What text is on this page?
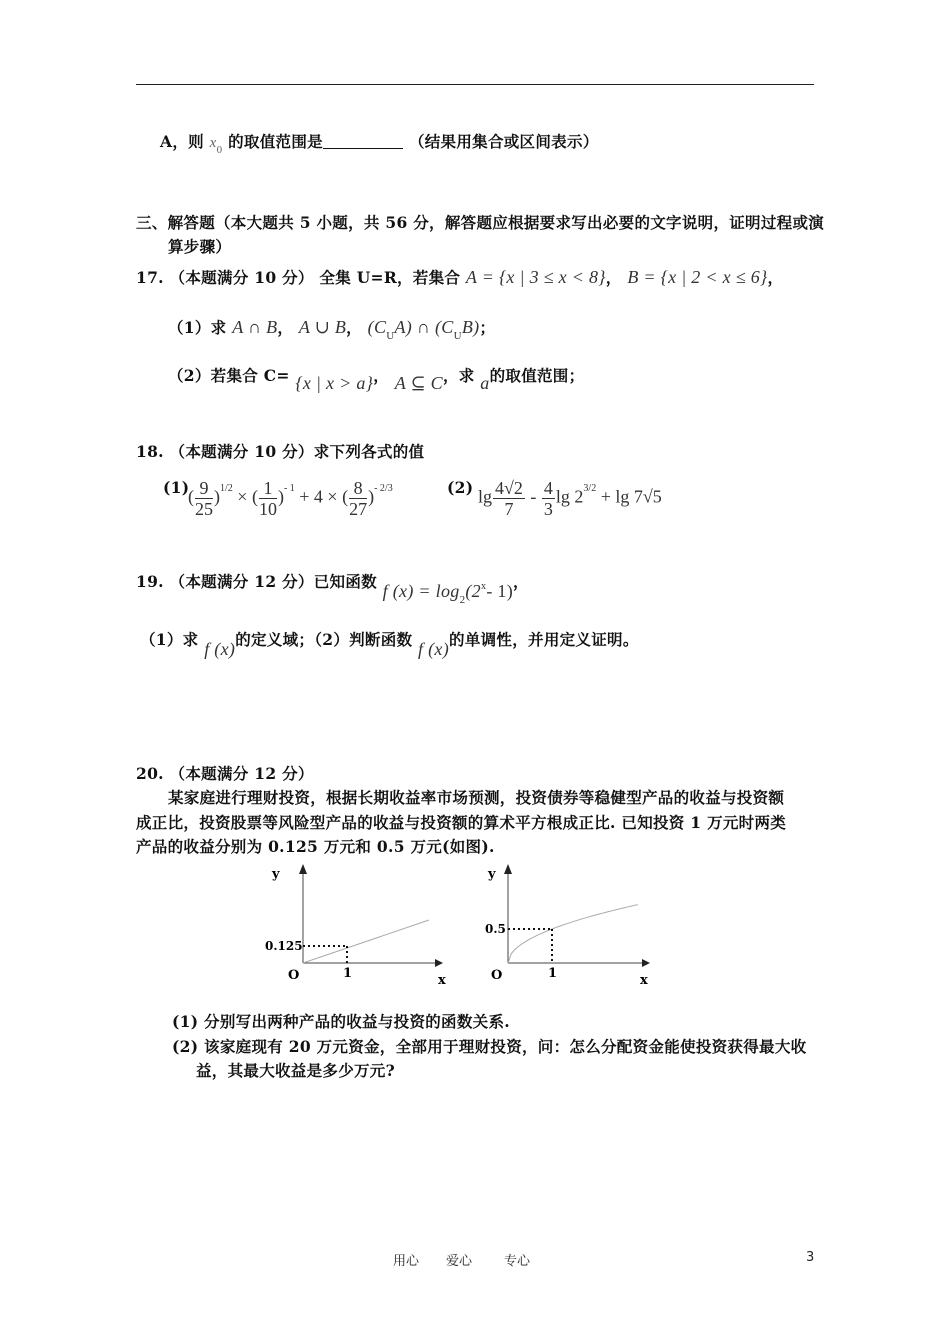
A，则 $x_0$ 的取值范围是	（结果用集合或区间表示）
三、解答题（本大题共 5 小题，共 56 分，解答题应根据要求写出必要的文字说明，证明过程或演
算步骤）
17. （本题满分 10 分） 全集 U=R，若集合 A = {x | 3 ≤ x < 8}， B = {x | 2 < x ≤ 6}，
（1）求 A ∩ B， A ∪ B， $(C_UA)$ ∩ $(C_UB)$；
（2）若集合 C= {x | x > a}， A ⊆ C，求 a的取值范围；
18. （本题满分 10 分）求下列各式的值
(1)
( $\frac{9}{25} )^{1/2}$ × ( $\frac{1}{10} )^{- 1} + 4$ × ( $\frac{8}{27} )^{- 2/3}$	(2) $\lg \frac{4√2}{7} - \frac{4}{3}$ $\lg 2^{3/2} + \lg 7√5$
19. （本题满分 12 分）已知函数 f $(x) = \log_2(2^x-$ 1)，
（1）求 f (x)的定义域；（2）判断函数 f (x)的单调性，并用定义证明。
20. （本题满分 12 分）
某家庭进行理财投资，根据长期收益率市场预测，投资债券等稳健型产品的收益与投资额
成正比，投资股票等风险型产品的收益与投资额的算术平方根成正比. 已知投资 1 万元时两类
产品的收益分别为 0.125 万元和 0.5 万元(如图).
y
x
O	1
0.125
y
x
O	1
0.5
(1) 分别写出两种产品的收益与投资的函数关系.
(2) 该家庭现有 20 万元资金，全部用于理财投资，问：怎么分配资金能使投资获得最大收
益，其最大收益是多少万元?
用心 爱心 专心	3
